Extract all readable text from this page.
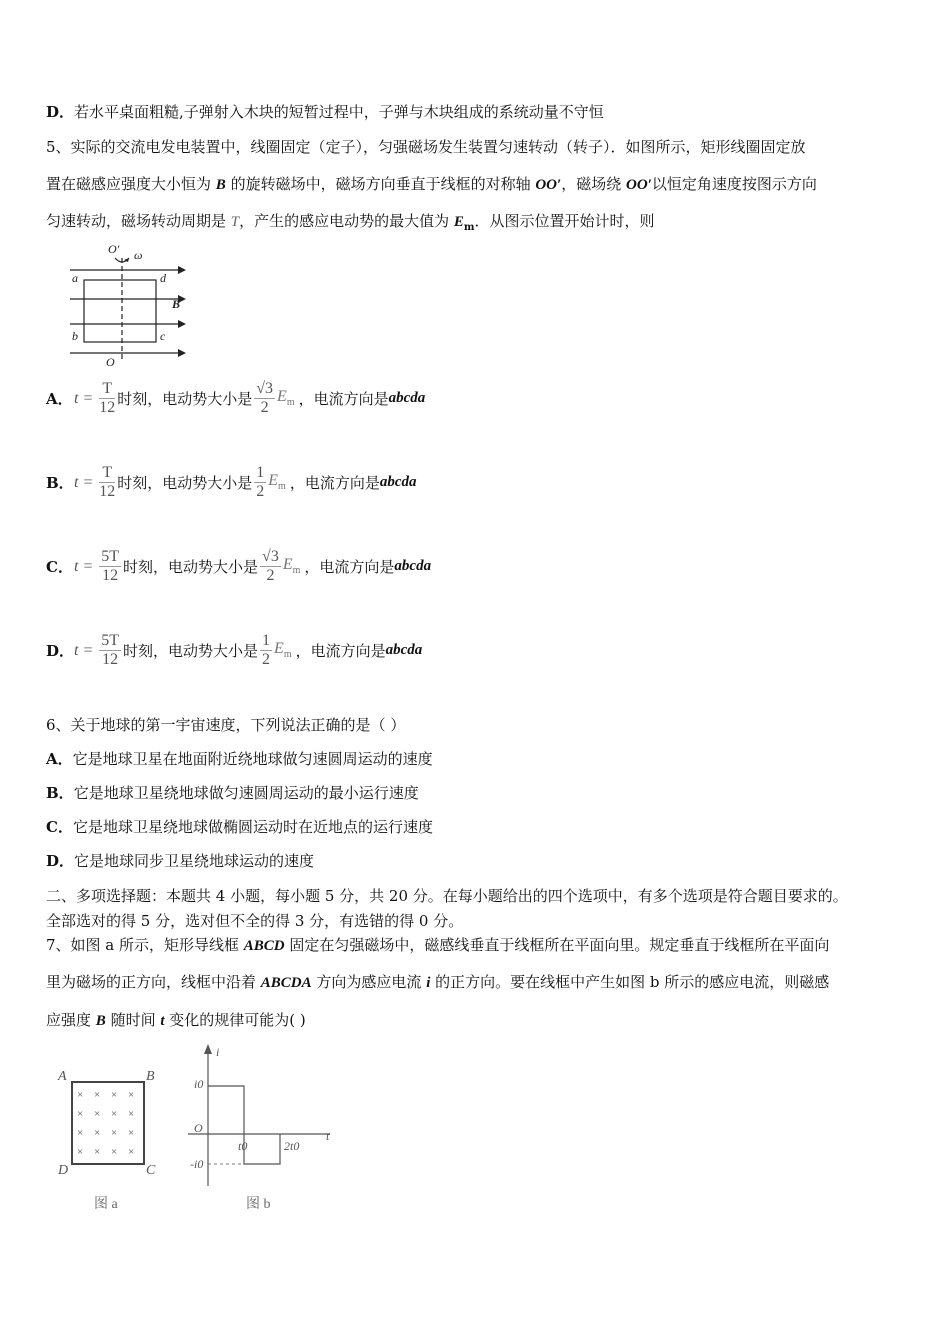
D．若水平桌面粗糙,子弹射入木块的短暂过程中，子弹与木块组成的系统动量不守恒
5、实际的交流电发电装置中，线圈固定（定子），匀强磁场发生装置匀速转动（转子）．如图所示，矩形线圈固定放
置在磁感应强度大小恒为 B 的旋转磁场中，磁场方向垂直于线框的对称轴 OO′，磁场绕 OO′以恒定角速度按图示方向
匀速转动，磁场转动周期是 T，产生的感应电动势的最大值为 $E_m$．从图示位置开始计时，则
O′ ω
a	d
B
b	c
O
A． $t = \frac{T}{12}$ 时刻，电动势大小是 $\frac{√3}{2} E_m$ ，电流方向是 abcda
B． $t = \frac{T}{12}$ 时刻，电动势大小是 $\frac{1}{2} E_m$ ，电流方向是 abcda
C． $t = \frac{5T}{12}$ 时刻，电动势大小是 $\frac{√3}{2} E_m$ ，电流方向是 abcda
D． $t = \frac{5T}{12}$ 时刻，电动势大小是 $\frac{1}{2} E_m$ ，电流方向是 abcda
6、关于地球的第一宇宙速度，下列说法正确的是（ ）
A．它是地球卫星在地面附近绕地球做匀速圆周运动的速度
B．它是地球卫星绕地球做匀速圆周运动的最小运行速度
C．它是地球卫星绕地球做椭圆运动时在近地点的运行速度
D．它是地球同步卫星绕地球运动的速度
二、多项选择题：本题共 4 小题，每小题 5 分，共 20 分。在每小题给出的四个选项中，有多个选项是符合题目要求的。
全部选对的得 5 分，选对但不全的得 3 分，有选错的得 0 分。
7、如图 a 所示，矩形导线框 ABCD 固定在匀强磁场中，磁感线垂直于线框所在平面向里。规定垂直于线框所在平面向
里为磁场的正方向，线框中沿着 ABCDA 方向为感应电流 i 的正方向。要在线框中产生如图 b 所示的感应电流，则磁感
应强度 B 随时间 t 变化的规律可能为( )
× × × ×
× × × ×
× × × ×
× × × ×
A	B
D	C
图 a
i
i0
-i0
O
t0	2t0
t
图 b
